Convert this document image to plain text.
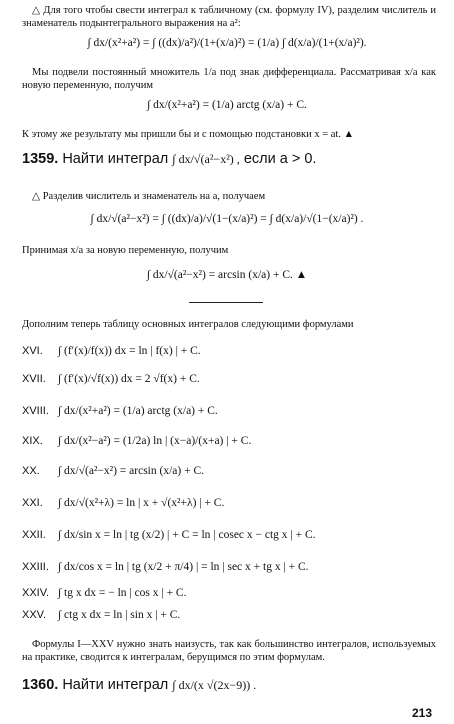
△ Для того чтобы свести интеграл к табличному (см. формулу IV), разделим числитель и знаменатель подынтегрального выражения на a²:
∫ dx/(x²+a²) = ∫ ((dx)/a²)/(1+(x/a)²) = (1/a) ∫ d(x/a)/(1+(x/a)²).
Мы подвели постоянный множитель 1/a под знак дифференциала. Рассматривая x/a как новую переменную, получим
∫ dx/(x²+a²) = (1/a) arctg (x/a) + C.
К этому же результату мы пришли бы и с помощью подстановки x = at. ▲
1359. Найти интеграл ∫ dx/√(a²−x²) , если a > 0.
△ Разделив числитель и знаменатель на a, получаем
∫ dx/√(a²−x²) = ∫ ((dx)/a)/√(1−(x/a)²) = ∫ d(x/a)/√(1−(x/a)²) .
Принимая x/a за новую переменную, получим
∫ dx/√(a²−x²) = arcsin (x/a) + C. ▲
Дополним теперь таблицу основных интегралов следующими формулами
XVI. ∫ (f′(x)/f(x)) dx = ln | f(x) | + C.
XVII. ∫ (f′(x)/√f(x)) dx = 2 √f(x) + C.
XVIII. ∫ dx/(x²+a²) = (1/a) arctg (x/a) + C.
XIX. ∫ dx/(x²−a²) = (1/2a) ln | (x−a)/(x+a) | + C.
XX. ∫ dx/√(a²−x²) = arcsin (x/a) + C.
XXI. ∫ dx/√(x²+λ) = ln | x + √(x²+λ) | + C.
XXII. ∫ dx/sin x = ln | tg (x/2) | + C = ln | cosec x − ctg x | + C.
XXIII. ∫ dx/cos x = ln | tg (x/2 + π/4) | = ln | sec x + tg x | + C.
XXIV. ∫ tg x dx = − ln | cos x | + C.
XXV. ∫ ctg x dx = ln | sin x | + C.
Формулы I—XXV нужно знать наизусть, так как большинство интегралов, используемых на практике, сводится к интегралам, берущимся по этим формулам.
1360. Найти интеграл ∫ dx/(x √(2x−9)) .
213
